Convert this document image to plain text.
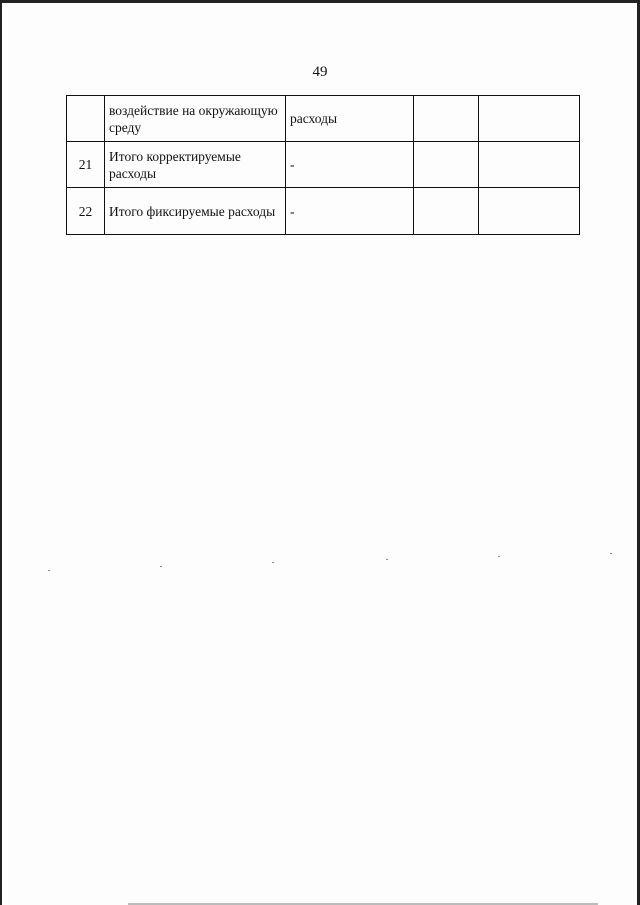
49
	воздействие на окружающую среду	расходы		
21	Итого корректируемые расходы	-		
22	Итого фиксируемые расходы	-		
